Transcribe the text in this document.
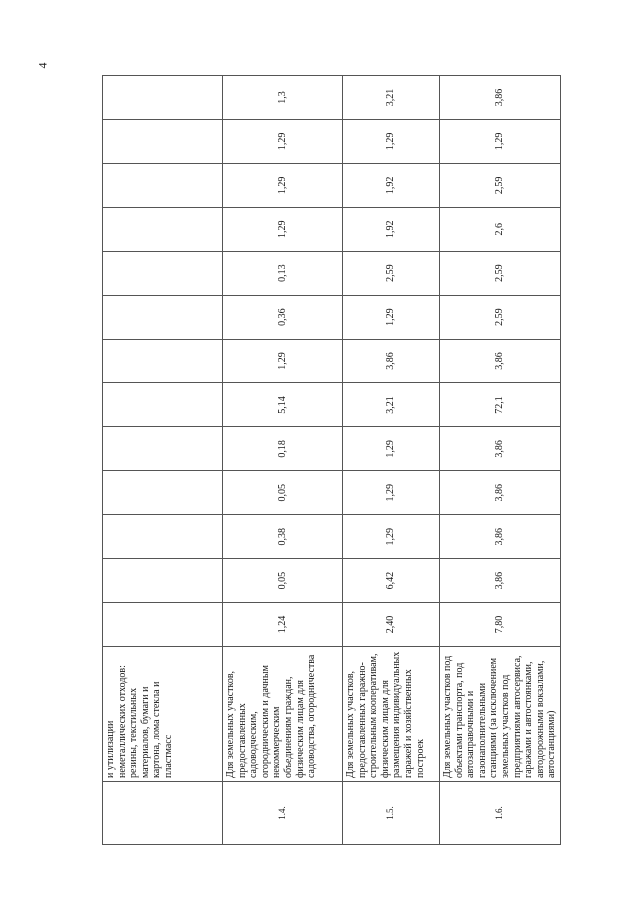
4
	и утилизации неметаллических отходов: резины, текстильных материалов, бумаги и картона, лома стекла и пластмасс													
1.4.	Для земельных участков, предоставленных садоводческим, огородническим и дачным некоммерческим объединениям граждан, физическим лицам для садоводства, огородничества	1,24	0,05	0,38	0,05	0,18	5,14	1,29	0,36	0,13	1,29	1,29	1,29	1,3
1.5.	Для земельных участков, предоставленных гаражно-строительным кооперативам, физическим лицам для размещения индивидуальных гаражей и хозяйственных построек	2,40	6,42	1,29	1,29	1,29	3,21	3,86	1,29	2,59	1,92	1,92	1,29	3,21
1.6.	Для земельных участков под объектами транспорта, под автозаправочными и газонаполнительными станциями (за исключением земельных участков под предприятиями автосервиса, гаражами и автостоянками, автодорожными вокзалами, автостанциями)	7,80	3,86	3,86	3,86	3,86	72,1	3,86	2,59	2,59	2,6	2,59	1,29	3,86
